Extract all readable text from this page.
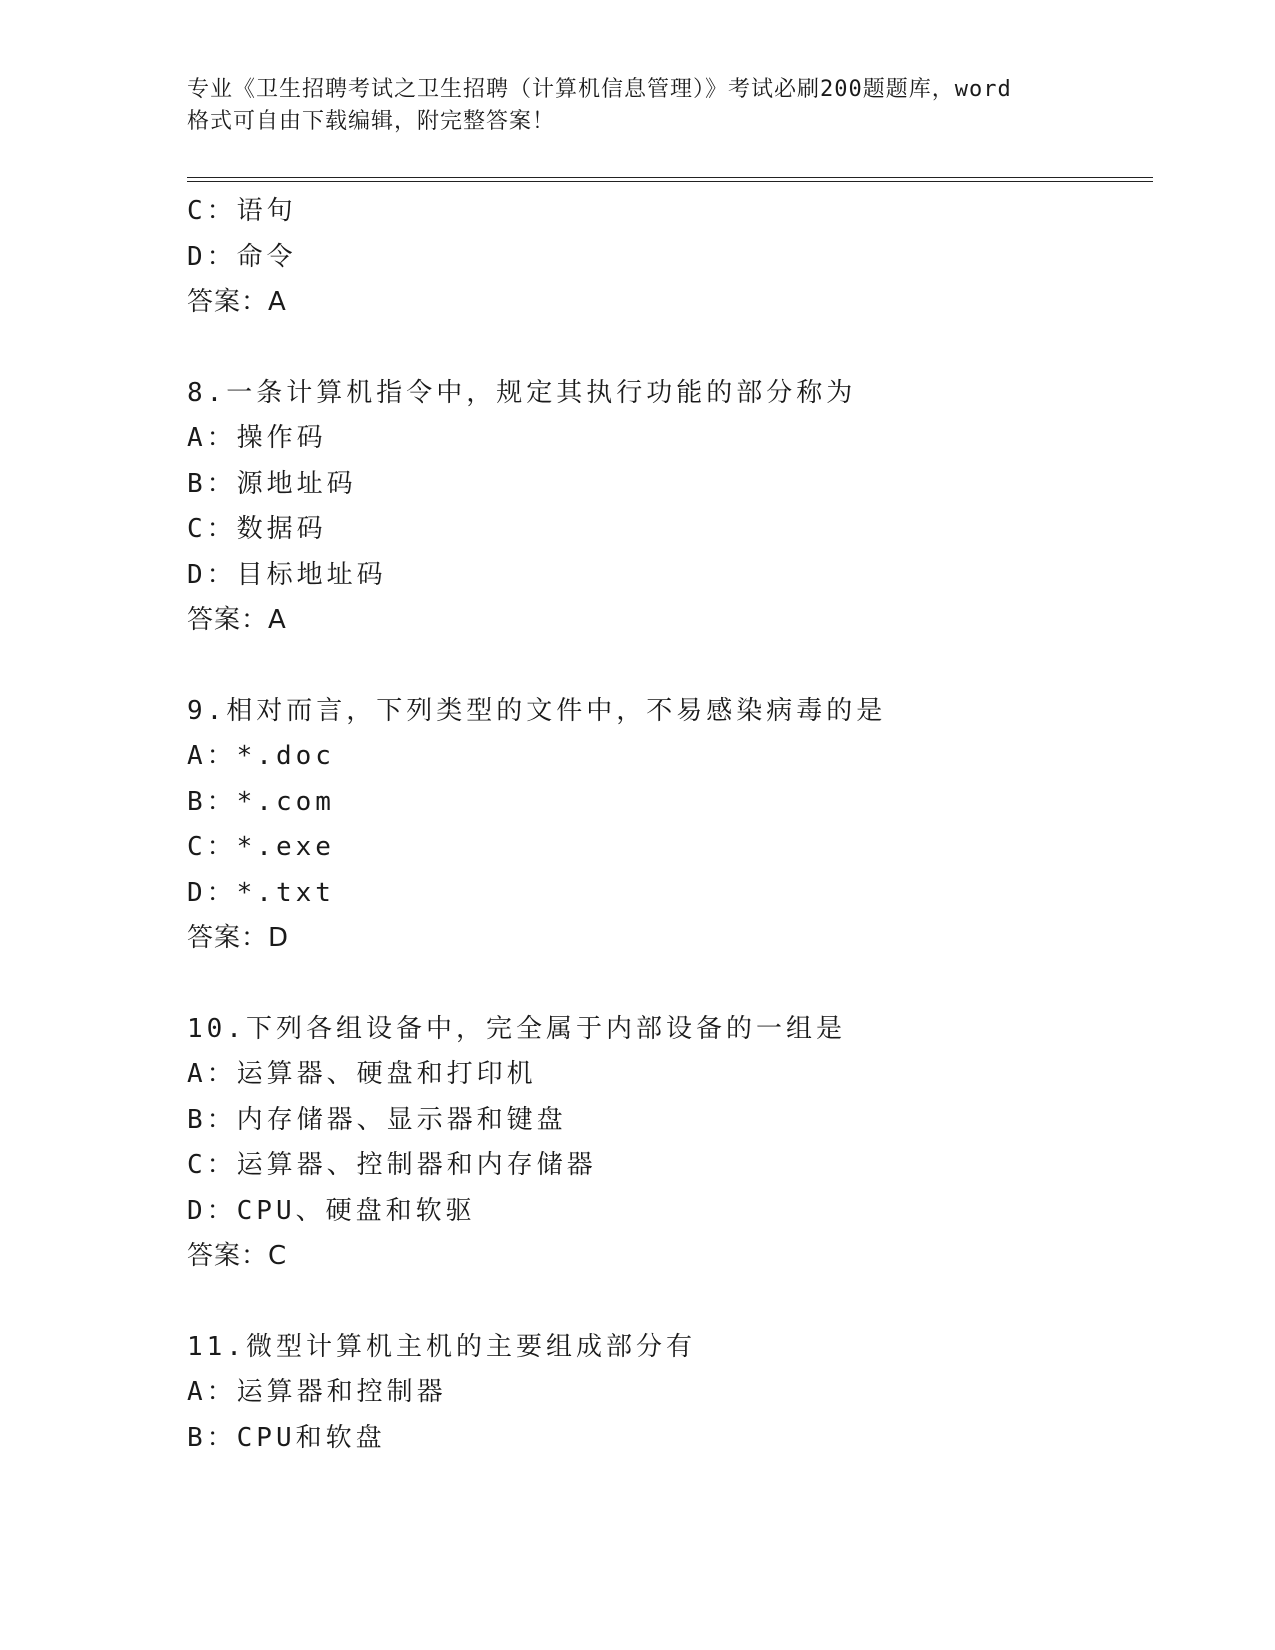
专业《卫生招聘考试之卫生招聘（计算机信息管理）》考试必刷200题题库，word
格式可自由下载编辑，附完整答案！
C：语句
D：命令
答案：A
8.一条计算机指令中，规定其执行功能的部分称为
A：操作码
B：源地址码
C：数据码
D：目标地址码
答案：A
9.相对而言，下列类型的文件中，不易感染病毒的是
A：*.doc
B：*.com
C：*.exe
D：*.txt
答案：D
10.下列各组设备中，完全属于内部设备的一组是
A：运算器、硬盘和打印机
B：内存储器、显示器和键盘
C：运算器、控制器和内存储器
D：CPU、硬盘和软驱
答案：C
11.微型计算机主机的主要组成部分有
A：运算器和控制器
B：CPU和软盘
